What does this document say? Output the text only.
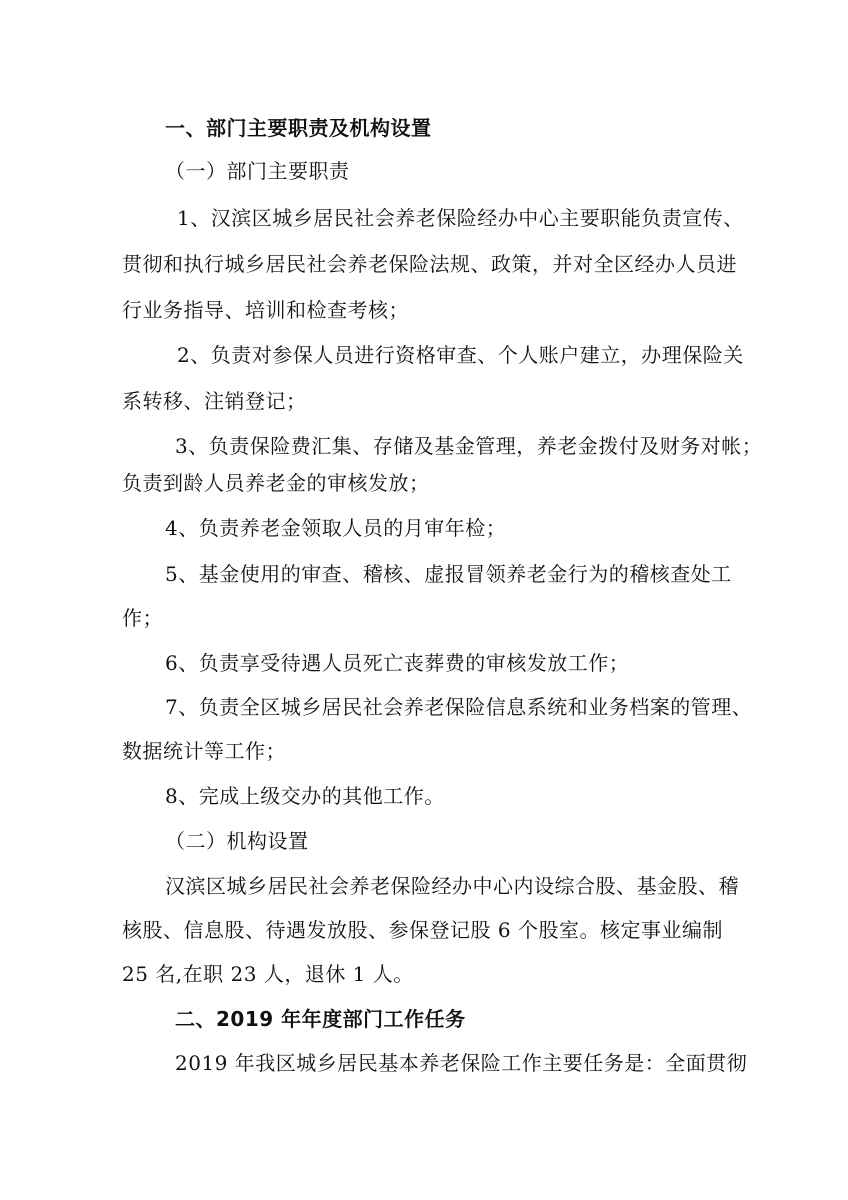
一、部门主要职责及机构设置
（一）部门主要职责
1、汉滨区城乡居民社会养老保险经办中心主要职能负责宣传、
贯彻和执行城乡居民社会养老保险法规、政策，并对全区经办人员进
行业务指导、培训和检查考核；
2、负责对参保人员进行资格审查、个人账户建立，办理保险关
系转移、注销登记；
3、负责保险费汇集、存储及基金管理，养老金拨付及财务对帐；
负责到龄人员养老金的审核发放；
4、负责养老金领取人员的月审年检；
5、基金使用的审查、稽核、虚报冒领养老金行为的稽核查处工
作；
6、负责享受待遇人员死亡丧葬费的审核发放工作；
7、负责全区城乡居民社会养老保险信息系统和业务档案的管理、
数据统计等工作；
8、完成上级交办的其他工作。
（二）机构设置
汉滨区城乡居民社会养老保险经办中心内设综合股、基金股、稽
核股、信息股、待遇发放股、参保登记股 6 个股室。核定事业编制
25 名,在职 23 人，退休 1 人。
二、2019 年年度部门工作任务
2019 年我区城乡居民基本养老保险工作主要任务是：全面贯彻
